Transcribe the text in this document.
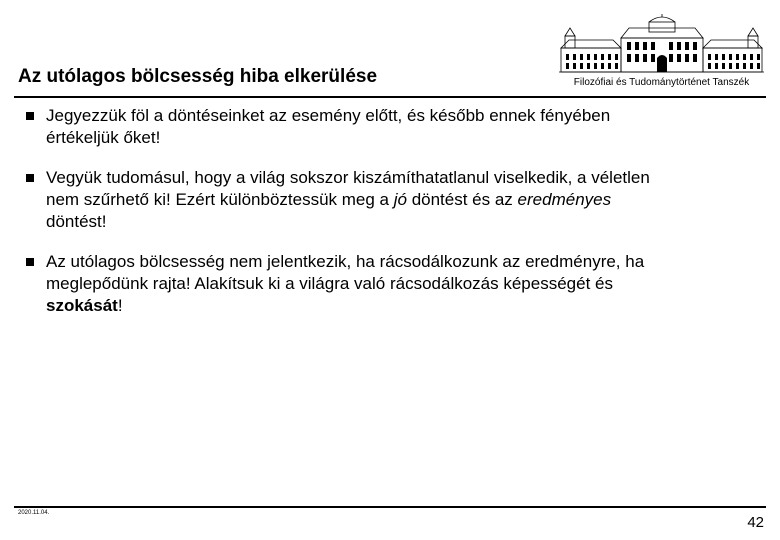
Az utólagos bölcsesség hiba elkerülése	Filozófiai és Tudománytörténet Tanszék
Jegyezzük föl a döntéseinket az esemény előtt, és később ennek fényében
értékeljük őket!
Vegyük tudomásul, hogy a világ sokszor kiszámíthatatlanul viselkedik, a véletlen
nem szűrhető ki! Ezért különböztessük meg a jó döntést és az eredményes
döntést!
Az utólagos bölcsesség nem jelentkezik, ha rácsodálkozunk az eredményre, ha
meglepődünk rajta! Alakítsuk ki a világra való rácsodálkozás képességét és
szokását!
2020.11.04.
42
